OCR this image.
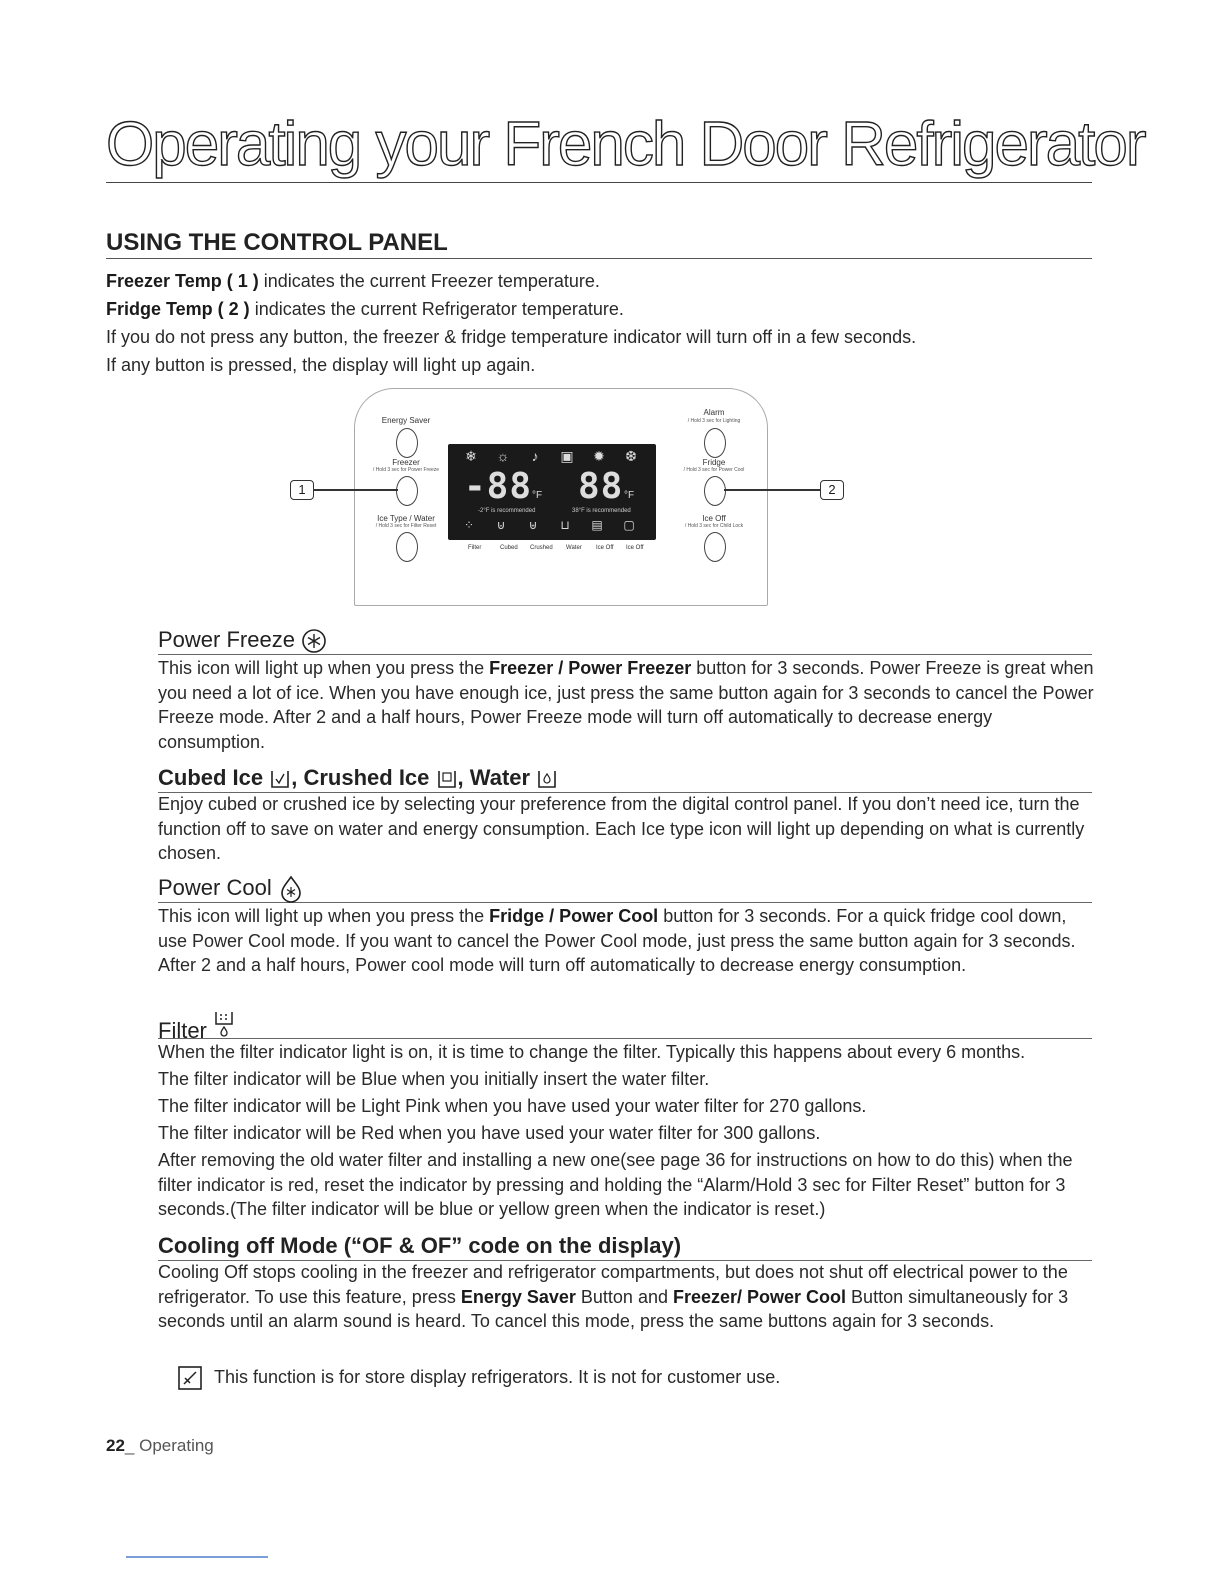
Operating your French Door Refrigerator
USING THE CONTROL PANEL

Freezer Temp ( 1 ) indicates the current Freezer temperature.

Fridge Temp ( 2 ) indicates the current Refrigerator temperature.

If you do not press any button, the freezer & fridge temperature indicator will turn off in a few seconds.

If any button is pressed, the display will light up again.

Energy Saver
Freezer
/ Hold 3 sec for Power Freeze
Ice Type / Water
/ Hold 3 sec for Filter Reset
Alarm
/ Hold 3 sec for Lighting
Fridge
/ Hold 3 sec for Power Cool
Ice Off
/ Hold 3 sec for Child Lock
❄	☼	♪	▣	✹	❆
-88 °F 88 °F
-2°F is recommended	38°F is recommended
⁘	⊍	⊎	⊔	▤	▢
Filter	Cubed Crushed Water Ice Off Ice Off
1	2
Power Freeze

This icon will light up when you press the Freezer / Power Freezer button for 3 seconds. Power Freeze is great when you need a lot of ice. When you have enough ice, just press the same button again for 3 seconds to cancel the Power Freeze mode. After 2 and a half hours, Power Freeze mode will turn off automatically to decrease energy consumption.

Cubed Ice , Crushed Ice , Water
Enjoy cubed or crushed ice by selecting your preference from the digital control panel. If you don’t need ice, turn the function off to save on water and energy consumption. Each Ice type icon will light up depending on what is currently chosen.
Power Cool

This icon will light up when you press the Fridge / Power Cool button for 3 seconds. For a quick fridge cool down, use Power Cool mode. If you want to cancel the Power Cool mode, just press the same button again for 3 seconds. After 2 and a half hours, Power cool mode will turn off automatically to decrease energy consumption.

Filter

When the filter indicator light is on, it is time to change the filter. Typically this happens about every 6 months.

The filter indicator will be Blue when you initially insert the water filter.

The filter indicator will be Light Pink when you have used your water filter for 270 gallons.

The filter indicator will be Red when you have used your water filter for 300 gallons.

After removing the old water filter and installing a new one(see page 36 for instructions on how to do this) when the filter indicator is red, reset the indicator by pressing and holding the “Alarm/Hold 3 sec for Filter Reset” button for 3 seconds.(The filter indicator will be blue or yellow green when the indicator is reset.)

Cooling off Mode (“OF & OF” code on the display)

Cooling Off stops cooling in the freezer and refrigerator compartments, but does not shut off electrical power to the refrigerator. To use this feature, press Energy Saver Button and Freezer/ Power Cool Button simultaneously for 3 seconds until an alarm sound is heard. To cancel this mode, press the same buttons again for 3 seconds.

This function is for store display refrigerators. It is not for customer use.
22_ Operating
